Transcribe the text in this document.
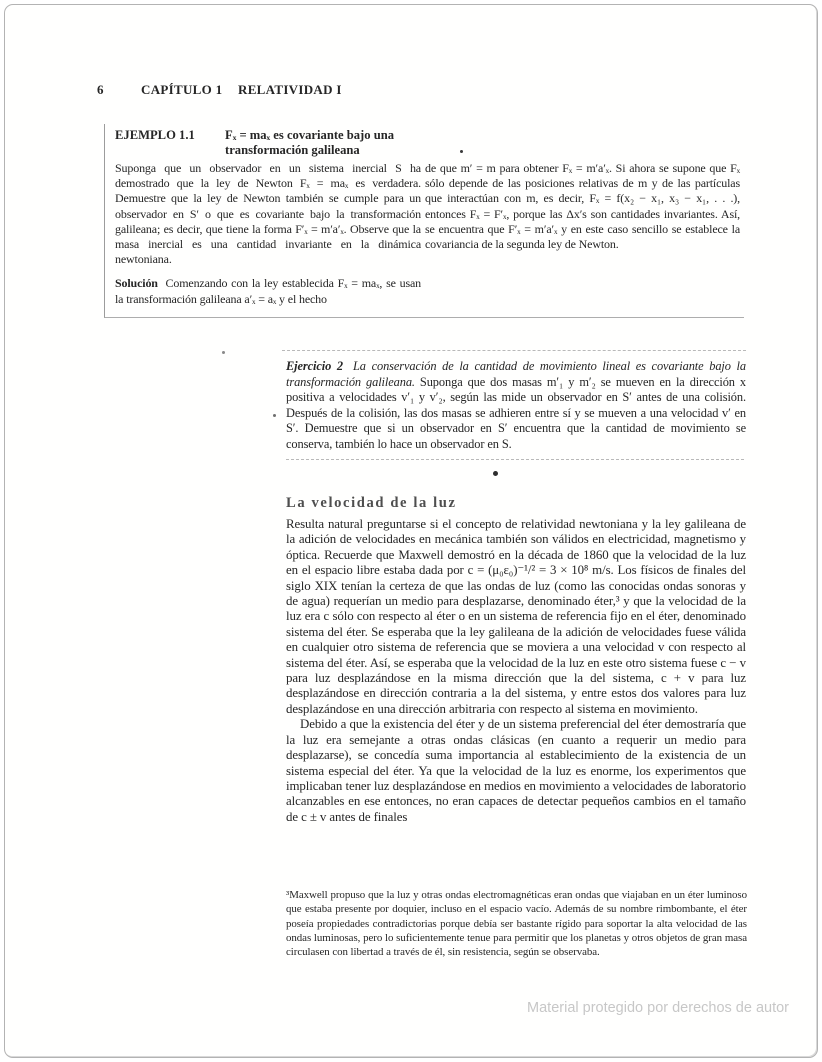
6	CAPÍTULO 1 RELATIVIDAD I
EJEMPLO 1.1 Fₓ = maₓ es covariante bajo una transformación galileana

Suponga que un observador en un sistema inercial S ha demostrado que la ley de Newton Fₓ = maₓ es verdadera. Demuestre que la ley de Newton también se cumple para un observador en S′ o que es covariante bajo la transformación galileana; es decir, que tiene la forma F′ₓ = m′a′ₓ. Observe que la masa inercial es una cantidad invariante en la dinámica newtoniana.

Solución Comenzando con la ley establecida Fₓ = maₓ, se usan la transformación galileana a′ₓ = aₓ y el hecho

de que m′ = m para obtener Fₓ = m′a′ₓ. Si ahora se supone que Fₓ sólo depende de las posiciones relativas de m y de las partículas que interactúan con m, es decir, Fₓ = f(x₂ − x₁, x₃ − x₁, . . .), entonces Fₓ = F′ₓ, porque las Δx′s son cantidades invariantes. Así, se encuentra que F′ₓ = m′a′ₓ y en este caso sencillo se establece la covariancia de la segunda ley de Newton.

Ejercicio 2 La conservación de la cantidad de movimiento lineal es covariante bajo la transformación galileana. Suponga que dos masas m′₁ y m′₂ se mueven en la dirección x positiva a velocidades v′₁ y v′₂, según las mide un observador en S′ antes de una colisión. Después de la colisión, las dos masas se adhieren entre sí y se mueven a una velocidad v′ en S′. Demuestre que si un observador en S′ encuentra que la cantidad de movimiento se conserva, también lo hace un observador en S.
La velocidad de la luz

Resulta natural preguntarse si el concepto de relatividad newtoniana y la ley galileana de la adición de velocidades en mecánica también son válidos en electricidad, magnetismo y óptica. Recuerde que Maxwell demostró en la década de 1860 que la velocidad de la luz en el espacio libre estaba dada por c = (μ₀ε₀)⁻¹/² = 3 × 10⁸ m/s. Los físicos de finales del siglo XIX tenían la certeza de que las ondas de luz (como las conocidas ondas sonoras y de agua) requerían un medio para desplazarse, denominado éter,³ y que la velocidad de la luz era c sólo con respecto al éter o en un sistema de referencia fijo en el éter, denominado sistema del éter. Se esperaba que la ley galileana de la adición de velocidades fuese válida en cualquier otro sistema de referencia que se moviera a una velocidad v con respecto al sistema del éter. Así, se esperaba que la velocidad de la luz en este otro sistema fuese c − v para luz desplazándose en la misma dirección que la del sistema, c + v para luz desplazándose en dirección contraria a la del sistema, y entre estos dos valores para luz desplazándose en una dirección arbitraria con respecto al sistema en movimiento.

Debido a que la existencia del éter y de un sistema preferencial del éter demostraría que la luz era semejante a otras ondas clásicas (en cuanto a requerir un medio para desplazarse), se concedía suma importancia al establecimiento de la existencia de un sistema especial del éter. Ya que la velocidad de la luz es enorme, los experimentos que implicaban tener luz desplazándose en medios en movimiento a velocidades de laboratorio alcanzables en ese entonces, no eran capaces de detectar pequeños cambios en el tamaño de c ± v antes de finales

³Maxwell propuso que la luz y otras ondas electromagnéticas eran ondas que viajaban en un éter luminoso que estaba presente por doquier, incluso en el espacio vacío. Además de su nombre rimbombante, el éter poseía propiedades contradictorias porque debía ser bastante rígido para soportar la alta velocidad de las ondas luminosas, pero lo suficientemente tenue para permitir que los planetas y otros objetos de gran masa circulasen con libertad a través de él, sin resistencia, según se observaba.
Material protegido por derechos de autor
